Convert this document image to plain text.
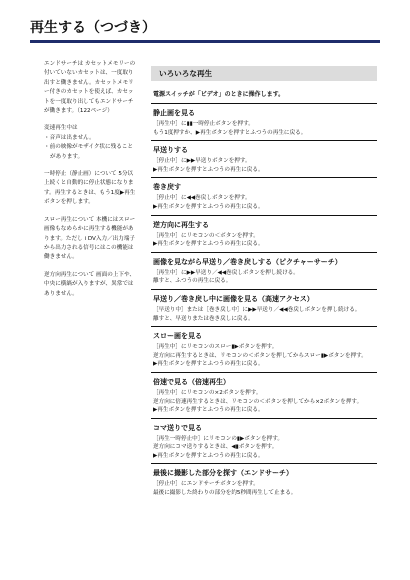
再生する（つづき）

エンドサーチは カセットメモリーの付いていないカセットは、一度取り出すと働きません。カセットメモリー付きのカセットを使えば、カセットを一度取り出してもエンドサーチが働きます。（122ページ）

変速再生中は
・音声は出ません。
・前の映像がモザイク状に残ることがあります。

一時停止（静止画）について 5分以上続くと自動的に停止状態になります。再生するときは、もう1度▶︎再生ボタンを押します。

スロー再生について 本機にはスロー画像もなめらかに再生する機能があります。ただし i DV入力／出力端子から出力される信号にはこの機能は働きません。

逆方向再生について 画面の上下や、中央に横縞が入りますが、異常ではありません。

いろいろな再生
電源スイッチが「ビデオ」のときに操作します。
静止画を見る
［再生中］に▮▮一時停止ボタンを押す。
もう1度押すか、▶再生ボタンを押すとふつうの再生に戻る。
早送りする
［停止中］に▶▶早送りボタンを押す。
▶再生ボタンを押すとふつうの再生に戻る。
巻き戻す
［停止中］に◀◀巻戻しボタンを押す。
▶再生ボタンを押すとふつうの再生に戻る。
逆方向に再生する
［再生中］にリモコンの＜ボタンを押す。
▶再生ボタンを押すとふつうの再生に戻る。
画像を見ながら早送り／巻き戻しする（ピクチャーサーチ）
［再生中］に▶▶早送り／◀◀巻戻しボタンを押し続ける。
離すと、ふつうの再生に戻る。
早送り／巻き戻し中に画像を見る（高速アクセス）
［早送り中］または［巻き戻し中］に▶▶早送り／◀◀巻戻しボタンを押し続ける。
離すと、早送りまたは巻き戻しに戻る。
スロー画を見る
［再生中］にリモコンのスロー▮▶ボタンを押す。
逆方向に再生するときは、リモコンの＜ボタンを押してからスロー▮▶ボタンを押す。
▶再生ボタンを押すとふつうの再生に戻る。
倍速で見る（倍速再生）
［再生中］にリモコンの×2ボタンを押す。
逆方向に倍速再生するときは、リモコンの＜ボタンを押してから×2ボタンを押す。
▶再生ボタンを押すとふつうの再生に戻る。
コマ送りで見る
［再生一時停止中］にリモコンの▮▶ボタンを押す。
逆方向にコマ送りするときは、◀▮ボタンを押す。
▶再生ボタンを押すとふつうの再生に戻る。
最後に撮影した部分を探す（エンドサーチ）
［停止中］にエンドサーチボタンを押す。
最後に撮影した終わりの部分を約5秒間再生して止まる。
